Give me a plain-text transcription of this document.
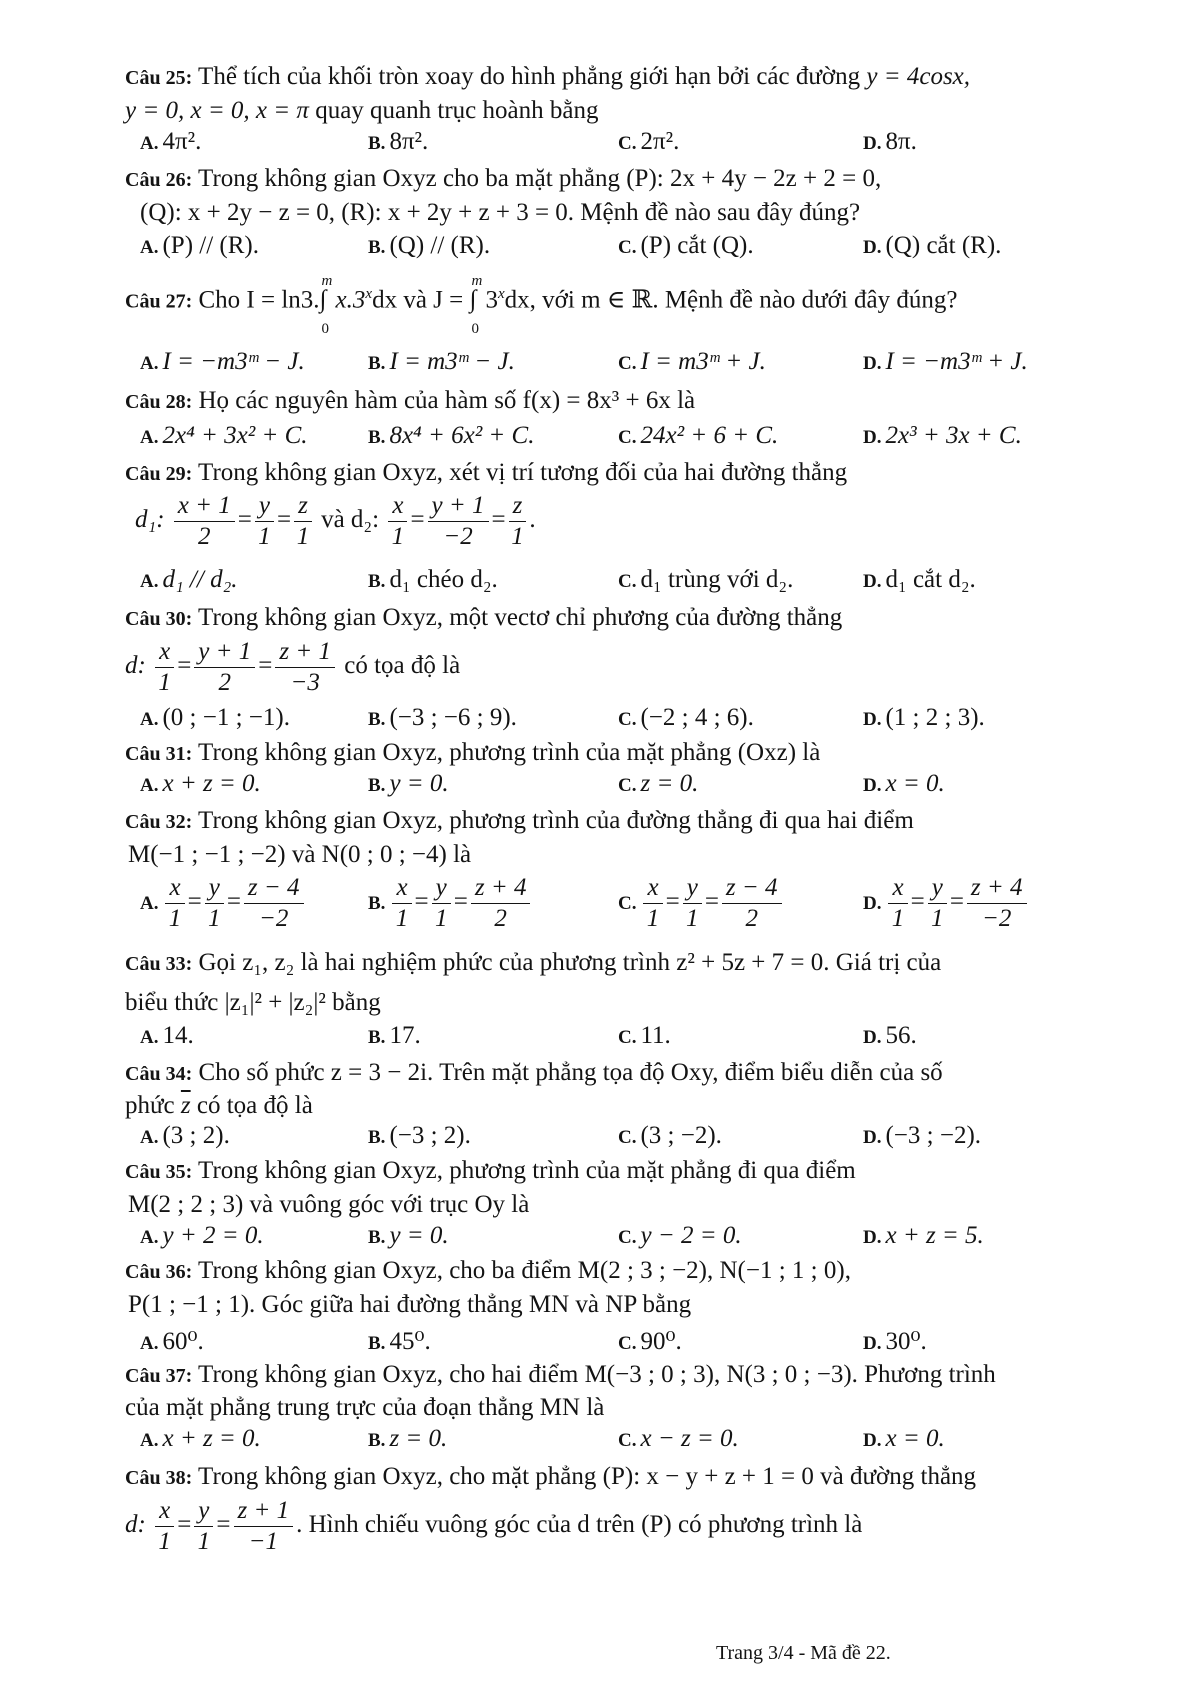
Câu 25: Thể tích của khối tròn xoay do hình phẳng giới hạn bởi các đường y = 4cosx,
y = 0, x = 0, x = π quay quanh trục hoành bằng
A. 4π².	B. 8π².	C. 2π².	D. 8π.
Câu 26: Trong không gian Oxyz cho ba mặt phẳng (P): 2x + 4y − 2z + 2 = 0,
(Q): x + 2y − z = 0, (R): x + 2y + z + 3 = 0. Mệnh đề nào sau đây đúng?
A. (P) // (R).	B. (Q) // (R).	C. (P) cắt (Q).	D. (Q) cắt (R).
Câu 27: Cho I = ln3.∫
m
0
x.3$^x$dx và J = ∫
m
0
3$^x$dx, với m ∈ ℝ. Mệnh đề nào dưới đây đúng?
A. I = −m3ᵐ − J.	B. I = m3ᵐ − J.	C. I = m3ᵐ + J.	D. I = −m3ᵐ + J.
Câu 28: Họ các nguyên hàm của hàm số f(x) = 8x³ + 6x là
A. 2x⁴ + 3x² + C.	B. 8x⁴ + 6x² + C.	C. 24x² + 6 + C.	D. 2x³ + 3x + C.
Câu 29: Trong không gian Oxyz, xét vị trí tương đối của hai đường thẳng
d₁: $\frac{x + 1}{2} = \frac{y}{1} = \frac{z}{1}$ và d₂: $\frac{x}{1} = \frac{y + 1}{-2} = \frac{z}{1}$ .
A. d₁ // d₂.	B. d₁ chéo d₂.	C. d₁ trùng với d₂.	D. d₁ cắt d₂.
Câu 30: Trong không gian Oxyz, một vectơ chỉ phương của đường thẳng
d: $\frac{x}{1} = \frac{y + 1}{2} = \frac{z + 1}{-3}$ có tọa độ là
A. (0 ; −1 ; −1).	B. (−3 ; −6 ; 9).	C. (−2 ; 4 ; 6).	D. (1 ; 2 ; 3).
Câu 31: Trong không gian Oxyz, phương trình của mặt phẳng (Oxz) là
A. x + z = 0.	B. y = 0.	C. z = 0.	D. x = 0.
Câu 32: Trong không gian Oxyz, phương trình của đường thẳng đi qua hai điểm
M(−1 ; −1 ; −2) và N(0 ; 0 ; −4) là
A. $\frac{x}{1} = \frac{y}{1} = \frac{z - 4}{-2}$	B. $\frac{x}{1} = \frac{y}{1} = \frac{z + 4}{2}$	C. $\frac{x}{1} = \frac{y}{1} = \frac{z - 4}{2}$	D. $\frac{x}{1} = \frac{y}{1} = \frac{z + 4}{-2}$
Câu 33: Gọi z₁, z₂ là hai nghiệm phức của phương trình z² + 5z + 7 = 0. Giá trị của
biểu thức |z₁|² + |z₂|² bằng
A. 14.	B. 17.	C. 11.	D. 56.
Câu 34: Cho số phức z = 3 − 2i. Trên mặt phẳng tọa độ Oxy, điểm biểu diễn của số
phức $\overline{z}$ có tọa độ là
A. (3 ; 2).	B. (−3 ; 2).	C. (3 ; −2).	D. (−3 ; −2).
Câu 35: Trong không gian Oxyz, phương trình của mặt phẳng đi qua điểm
M(2 ; 2 ; 3) và vuông góc với trục Oy là
A. y + 2 = 0.	B. y = 0.	C. y − 2 = 0.	D. x + z = 5.
Câu 36: Trong không gian Oxyz, cho ba điểm M(2 ; 3 ; −2), N(−1 ; 1 ; 0),
P(1 ; −1 ; 1). Góc giữa hai đường thẳng MN và NP bằng
A. 60⁰.	B. 45⁰.	C. 90⁰.	D. 30⁰.
Câu 37: Trong không gian Oxyz, cho hai điểm M(−3 ; 0 ; 3), N(3 ; 0 ; −3). Phương trình
của mặt phẳng trung trực của đoạn thẳng MN là
A. x + z = 0.	B. z = 0.	C. x − z = 0.	D. x = 0.
Câu 38: Trong không gian Oxyz, cho mặt phẳng (P): x − y + z + 1 = 0 và đường thẳng
d: $\frac{x}{1} = \frac{y}{1} = \frac{z + 1}{-1}$ . Hình chiếu vuông góc của d trên (P) có phương trình là
Trang 3/4 - Mã đề 22.
